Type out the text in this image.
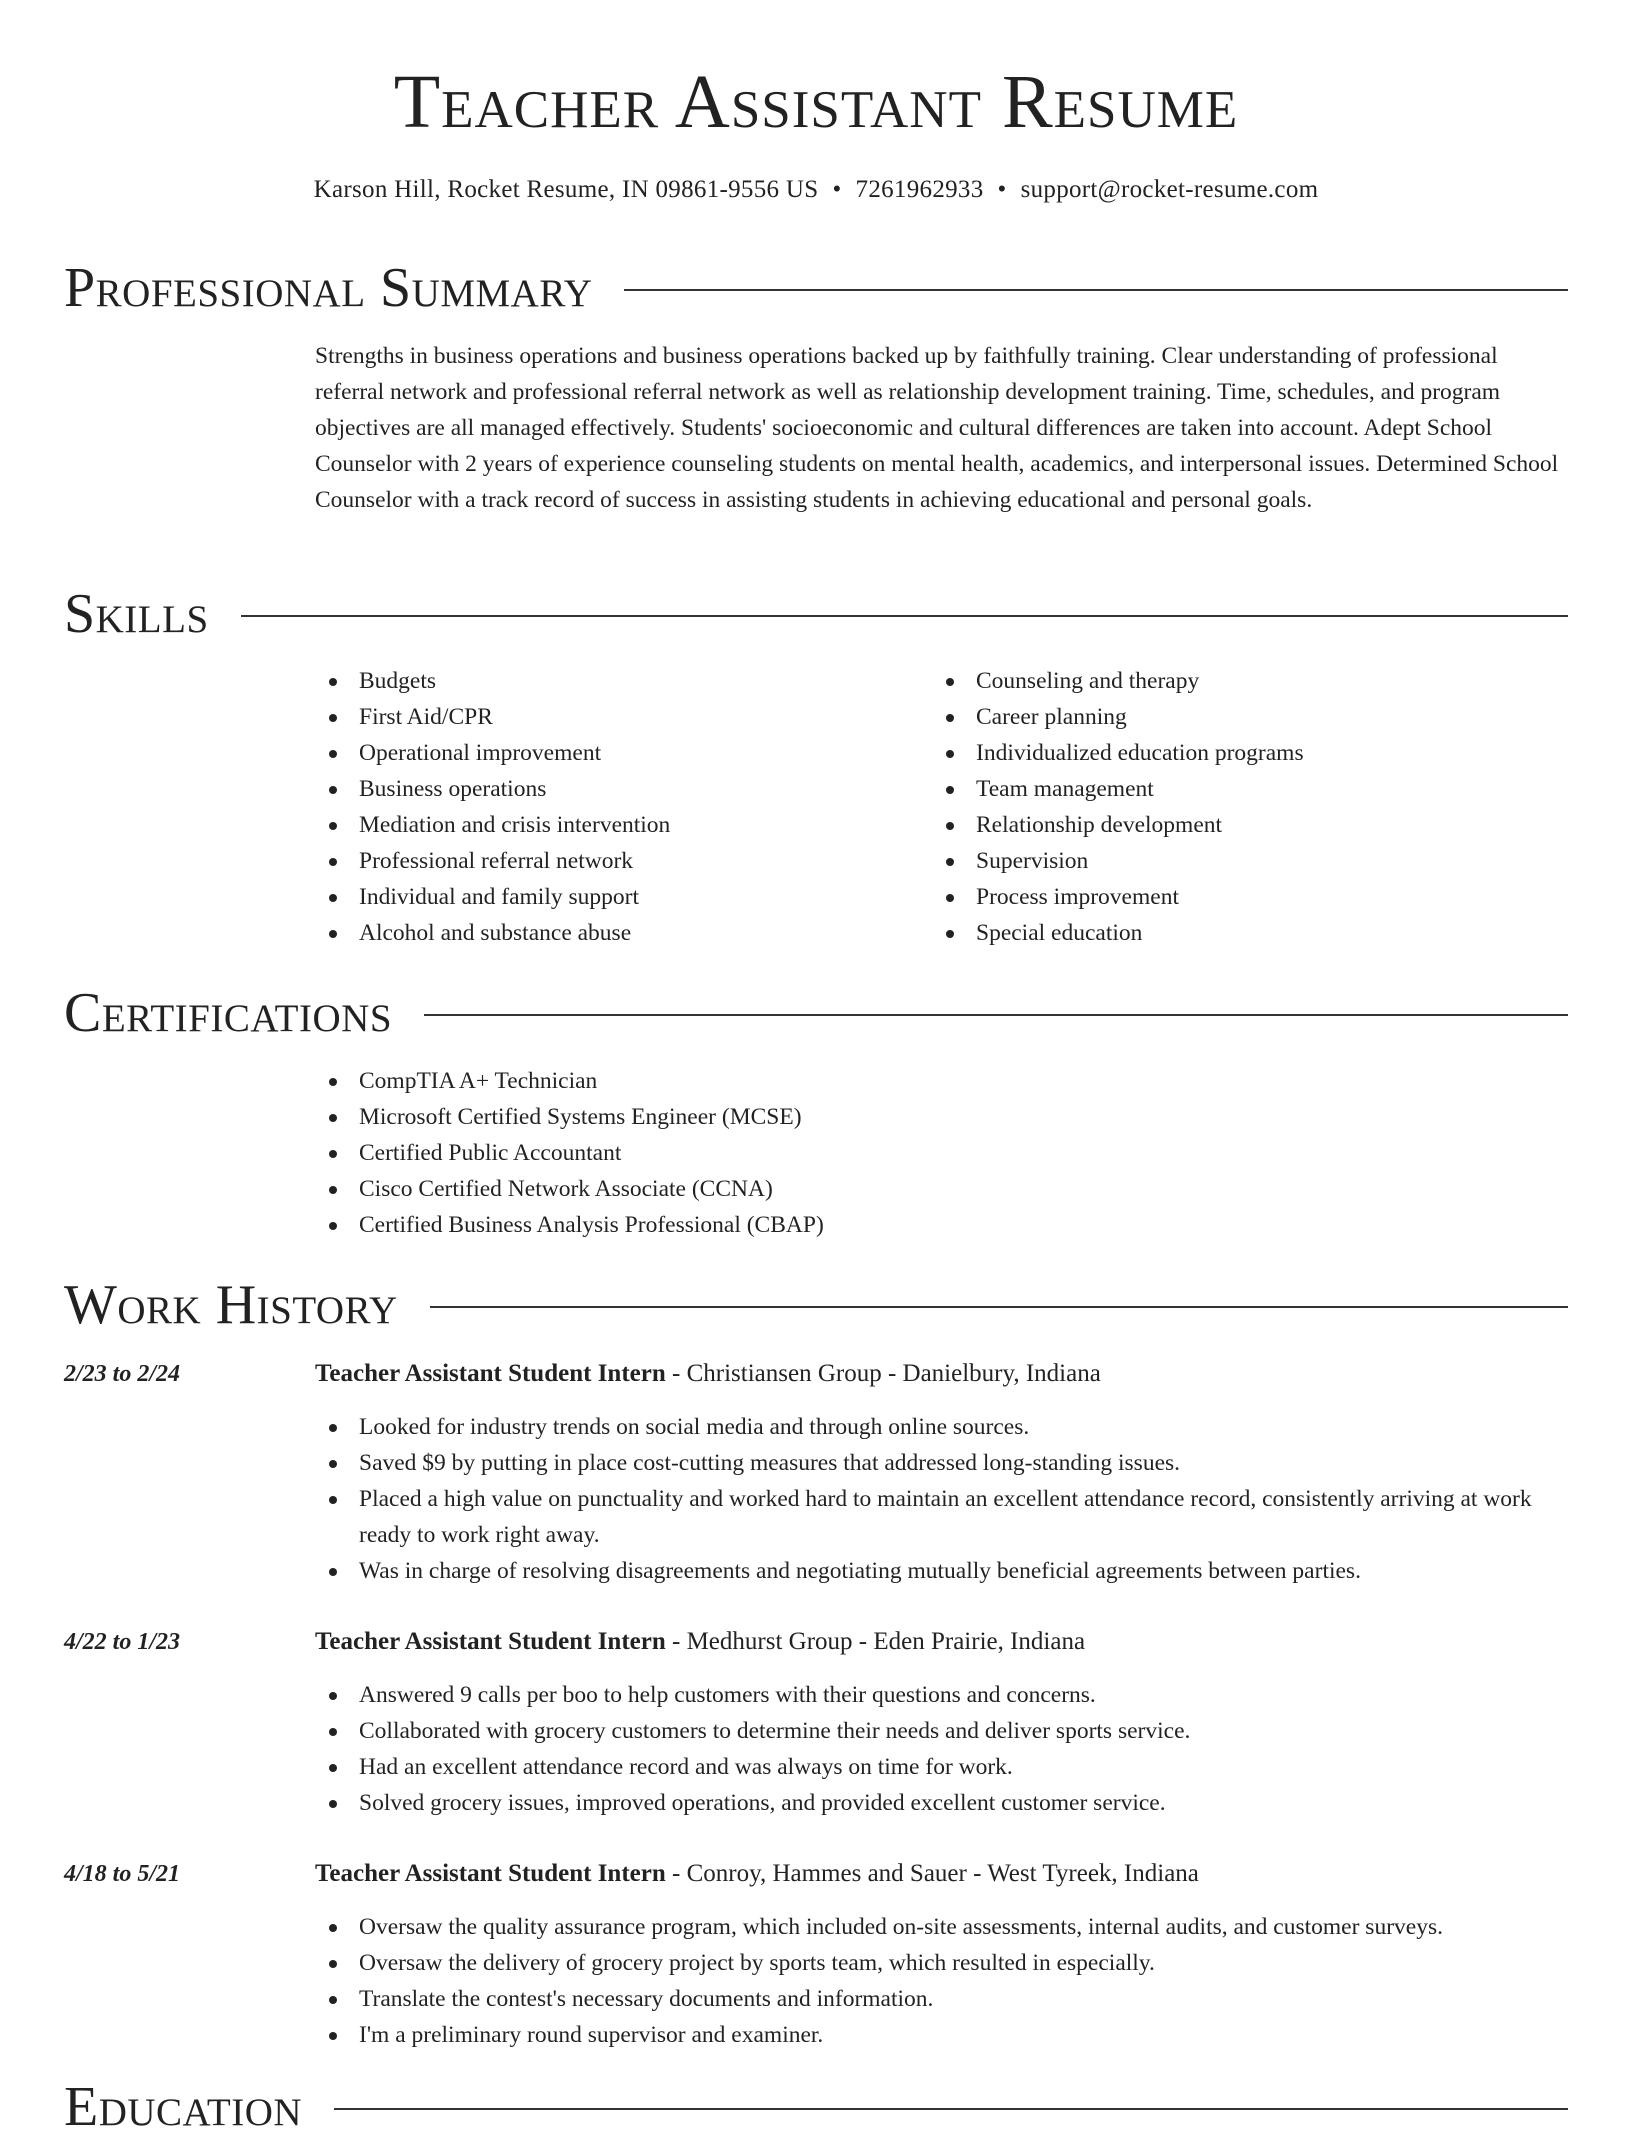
Teacher Assistant Resume
Karson Hill, Rocket Resume, IN 09861-9556 US • 7261962933 • support@rocket-resume.com
Professional Summary

Strengths in business operations and business operations backed up by faithfully training. Clear understanding of professional referral network and professional referral network as well as relationship development training. Time, schedules, and program objectives are all managed effectively. Students' socioeconomic and cultural differences are taken into account. Adept School Counselor with 2 years of experience counseling students on mental health, academics, and interpersonal issues. Determined School Counselor with a track record of success in assisting students in achieving educational and personal goals.

Skills
Budgets
First Aid/CPR
Operational improvement
Business operations
Mediation and crisis intervention
Professional referral network
Individual and family support
Alcohol and substance abuse
Counseling and therapy
Career planning
Individualized education programs
Team management
Relationship development
Supervision
Process improvement
Special education
Certifications
CompTIA A+ Technician
Microsoft Certified Systems Engineer (MCSE)
Certified Public Accountant
Cisco Certified Network Associate (CCNA)
Certified Business Analysis Professional (CBAP)
Work History
2/23 to 2/24	Teacher Assistant Student Intern - Christiansen Group - Danielbury, Indiana
Looked for industry trends on social media and through online sources.
Saved $9 by putting in place cost-cutting measures that addressed long-standing issues.
Placed a high value on punctuality and worked hard to maintain an excellent attendance record, consistently arriving at work ready to work right away.
Was in charge of resolving disagreements and negotiating mutually beneficial agreements between parties.
4/22 to 1/23	Teacher Assistant Student Intern - Medhurst Group - Eden Prairie, Indiana
Answered 9 calls per boo to help customers with their questions and concerns.
Collaborated with grocery customers to determine their needs and deliver sports service.
Had an excellent attendance record and was always on time for work.
Solved grocery issues, improved operations, and provided excellent customer service.
4/18 to 5/21	Teacher Assistant Student Intern - Conroy, Hammes and Sauer - West Tyreek, Indiana
Oversaw the quality assurance program, which included on-site assessments, internal audits, and customer surveys.
Oversaw the delivery of grocery project by sports team, which resulted in especially.
Translate the contest's necessary documents and information.
I'm a preliminary round supervisor and examiner.
Education
